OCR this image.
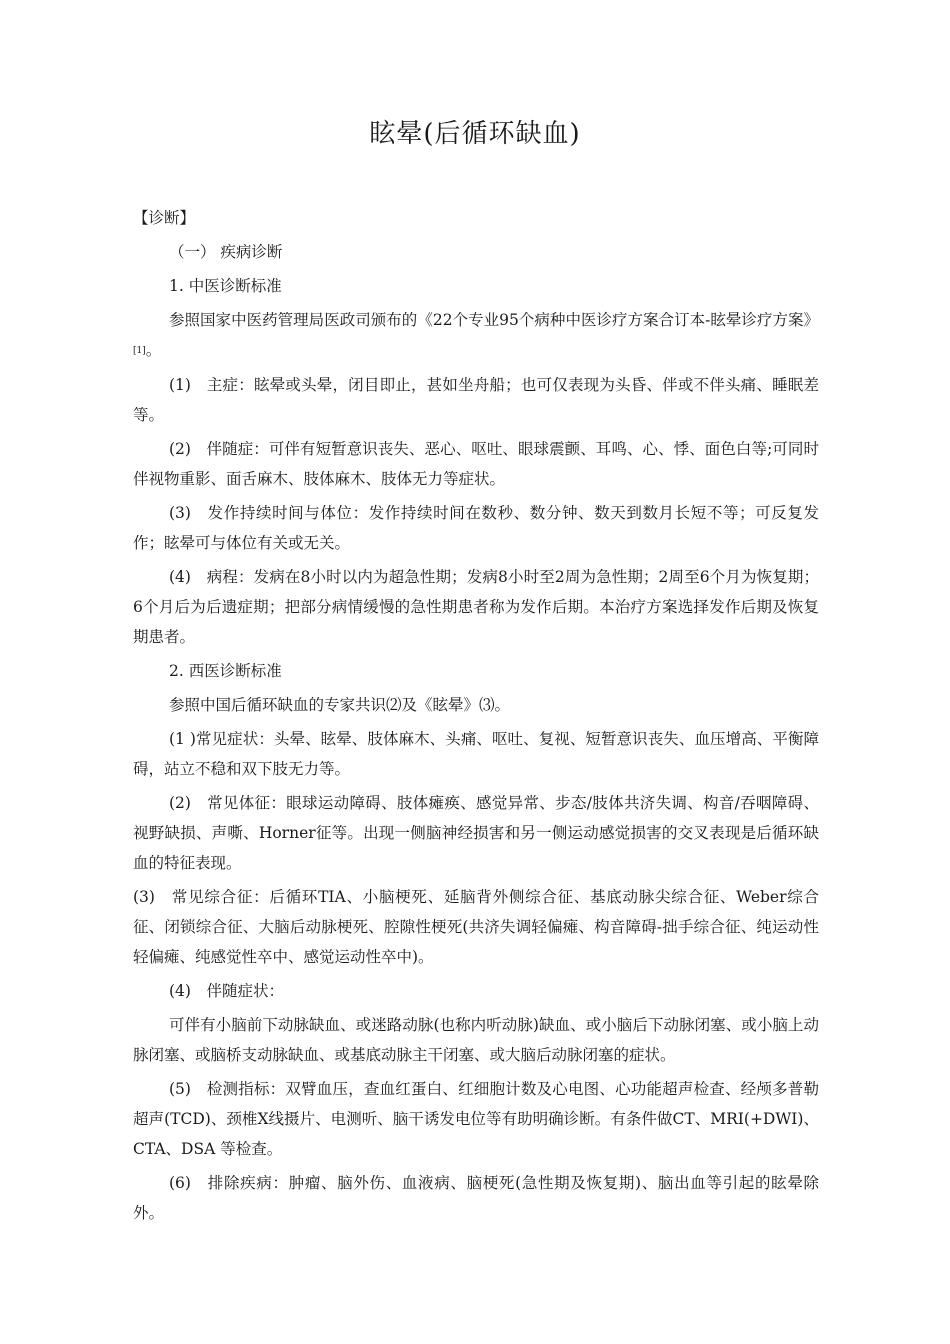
眩晕(后循环缺血)

【诊断】

（一） 疾病诊断

1. 中医诊断标准

参照国家中医药管理局医政司颁布的《22个专业95个病种中医诊疗方案合订本-眩晕诊疗方案》[1]。

(1)　主症：眩晕或头晕，闭目即止，甚如坐舟船；也可仅表现为头昏、伴或不伴头痛、睡眠差等。

(2)　伴随症：可伴有短暂意识丧失、恶心、呕吐、眼球震颤、耳鸣、心、悸、面色白等;可同时伴视物重影、面舌麻木、肢体麻木、肢体无力等症状。

(3)　发作持续时间与体位：发作持续时间在数秒、数分钟、数天到数月长短不等；可反复发作；眩晕可与体位有关或无关。

(4)　病程：发病在8小时以内为超急性期；发病8小时至2周为急性期；2周至6个月为恢复期；6个月后为后遗症期；把部分病情缓慢的急性期患者称为发作后期。本治疗方案选择发作后期及恢复期患者。

2. 西医诊断标准

参照中国后循环缺血的专家共识⑵及《眩晕》⑶。

(1 )常见症状：头晕、眩晕、肢体麻木、头痛、呕吐、复视、短暂意识丧失、血压增高、平衡障碍，站立不稳和双下肢无力等。

(2)　常见体征：眼球运动障碍、肢体瘫痪、感觉异常、步态/肢体共济失调、构音/吞咽障碍、视野缺损、声嘶、Horner征等。出现一侧脑神经损害和另一侧运动感觉损害的交叉表现是后循环缺血的特征表现。

(3)　常见综合征：后循环TIA、小脑梗死、延脑背外侧综合征、基底动脉尖综合征、Weber综合征、闭锁综合征、大脑后动脉梗死、腔隙性梗死(共济失调轻偏瘫、构音障碍-拙手综合征、纯运动性轻偏瘫、纯感觉性卒中、感觉运动性卒中)。

(4)　伴随症状：

可伴有小脑前下动脉缺血、或迷路动脉(也称内听动脉)缺血、或小脑后下动脉闭塞、或小脑上动脉闭塞、或脑桥支动脉缺血、或基底动脉主干闭塞、或大脑后动脉闭塞的症状。

(5)　检测指标：双臂血压，查血红蛋白、红细胞计数及心电图、心功能超声检查、经颅多普勒超声(TCD)、颈椎X线摄片、电测听、脑干诱发电位等有助明确诊断。有条件做CT、MRI(+DWI)、CTA、DSA 等检查。

(6)　排除疾病：肿瘤、脑外伤、血液病、脑梗死(急性期及恢复期)、脑出血等引起的眩晕除外。
